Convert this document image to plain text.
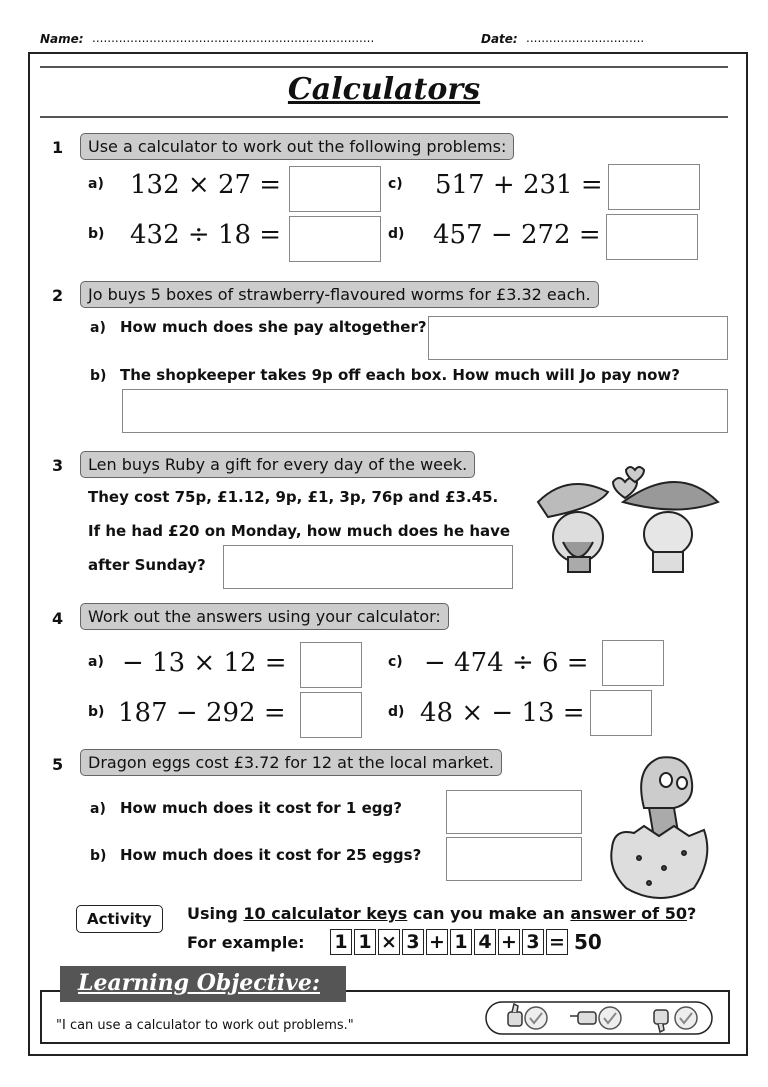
Name: ..........................................................................	Date: ...............................
Calculators
1	Use a calculator to work out the following problems:
a) 132 × 27 =	c) 517 + 231 =
b) 432 ÷ 18 =	d) 457 − 272 =
2	Jo buys 5 boxes of strawberry-flavoured worms for £3.32 each.
a) How much does she pay altogether?
b) The shopkeeper takes 9p off each box. How much will Jo pay now?
3	Len buys Ruby a gift for every day of the week.
They cost 75p, £1.12, 9p, £1, 3p, 76p and £3.45.
If he had £20 on Monday, how much does he have
after Sunday?
4	Work out the answers using your calculator:
a) − 13 × 12 =	c) − 474 ÷ 6 =
b) 187 − 292 =	d) 48 × − 13 =
5	Dragon eggs cost £3.72 for 12 at the local market.
a) How much does it cost for 1 egg?
b) How much does it cost for 25 eggs?
Activity	Using 10 calculator keys can you make an answer of 50?
For example: 1 1 × 3 + 1 4 + 3 = 50
Learning Objective:
"I can use a calculator to work out problems."
